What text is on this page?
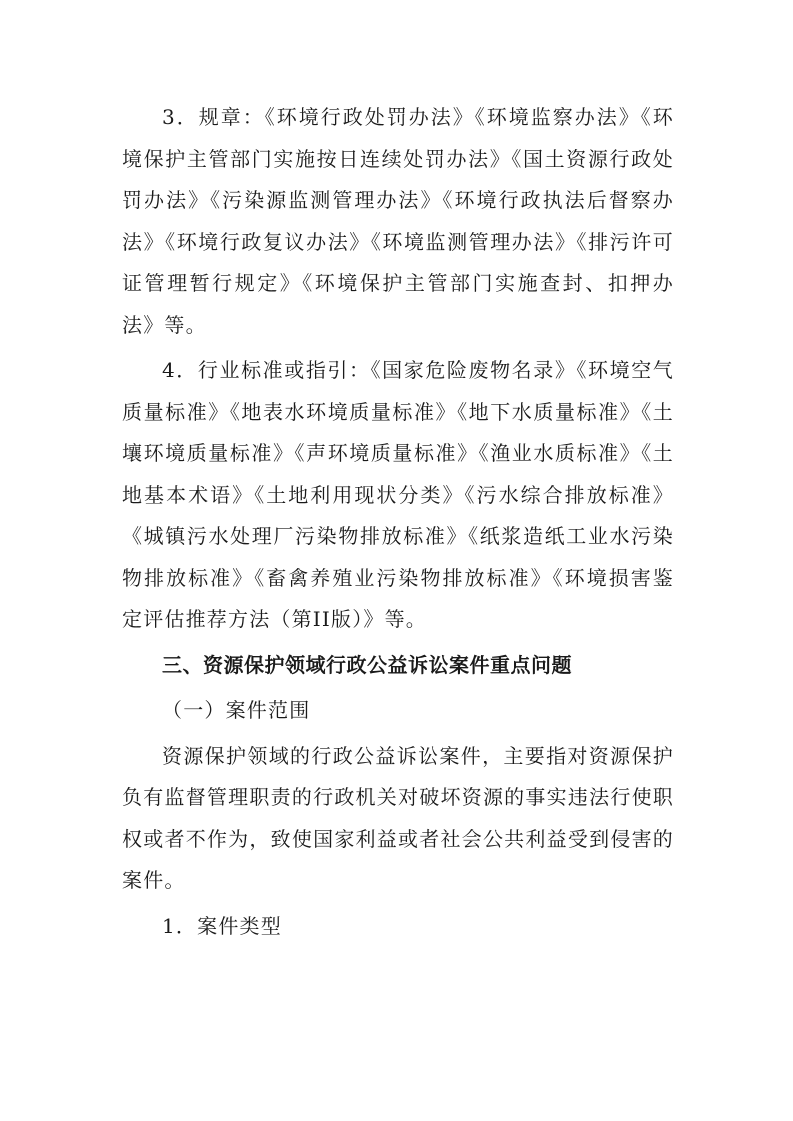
3．规章：《环境行政处罚办法》《环境监察办法》《环境保护主管部门实施按日连续处罚办法》《国土资源行政处罚办法》《污染源监测管理办法》《环境行政执法后督察办法》《环境行政复议办法》《环境监测管理办法》《排污许可证管理暂行规定》《环境保护主管部门实施查封、扣押办法》等。

4．行业标准或指引：《国家危险废物名录》《环境空气质量标准》《地表水环境质量标准》《地下水质量标准》《土壤环境质量标准》《声环境质量标准》《渔业水质标准》《土地基本术语》《土地利用现状分类》《污水综合排放标准》《城镇污水处理厂污染物排放标准》《纸浆造纸工业水污染物排放标准》《畜禽养殖业污染物排放标准》《环境损害鉴定评估推荐方法（第II版）》等。

三、资源保护领域行政公益诉讼案件重点问题

（一）案件范围

资源保护领域的行政公益诉讼案件，主要指对资源保护负有监督管理职责的行政机关对破坏资源的事实违法行使职权或者不作为，致使国家利益或者社会公共利益受到侵害的案件。

1．案件类型
